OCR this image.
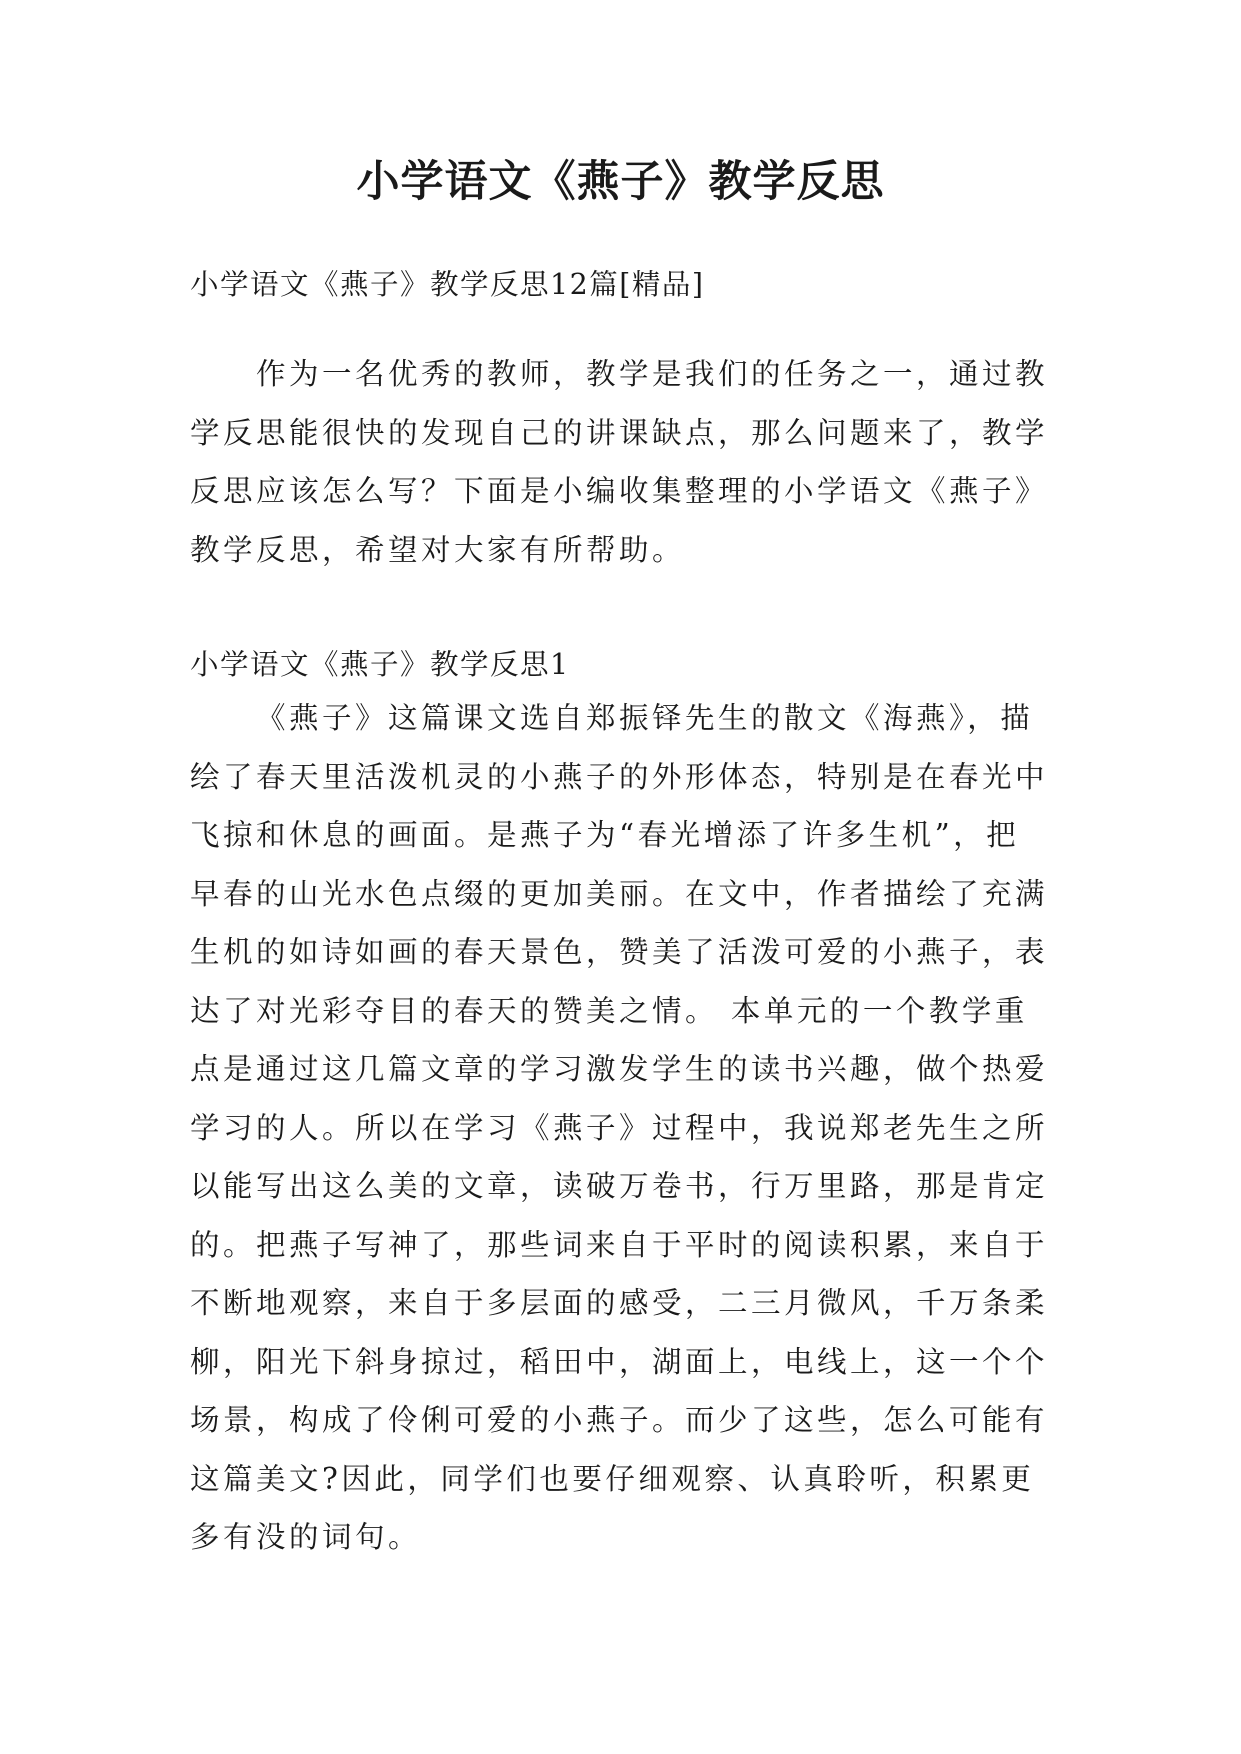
小学语文《燕子》教学反思
小学语文《燕子》教学反思12篇[精品]
作为一名优秀的教师，教学是我们的任务之一，通过教
学反思能很快的发现自己的讲课缺点，那么问题来了，教学
反思应该怎么写？下面是小编收集整理的小学语文《燕子》
教学反思，希望对大家有所帮助。
小学语文《燕子》教学反思1
《燕子》这篇课文选自郑振铎先生的散文《海燕》，描
绘了春天里活泼机灵的小燕子的外形体态，特别是在春光中
飞掠和休息的画面。是燕子为“春光增添了许多生机”，把
早春的山光水色点缀的更加美丽。在文中，作者描绘了充满
生机的如诗如画的春天景色，赞美了活泼可爱的小燕子，表
达了对光彩夺目的春天的赞美之情。 本单元的一个教学重
点是通过这几篇文章的学习激发学生的读书兴趣，做个热爱
学习的人。所以在学习《燕子》过程中，我说郑老先生之所
以能写出这么美的文章，读破万卷书，行万里路，那是肯定
的。把燕子写神了，那些词来自于平时的阅读积累，来自于
不断地观察，来自于多层面的感受，二三月微风，千万条柔
柳，阳光下斜身掠过，稻田中，湖面上，电线上，这一个个
场景，构成了伶俐可爱的小燕子。而少了这些，怎么可能有
这篇美文?因此，同学们也要仔细观察、认真聆听，积累更
多有没的词句。
